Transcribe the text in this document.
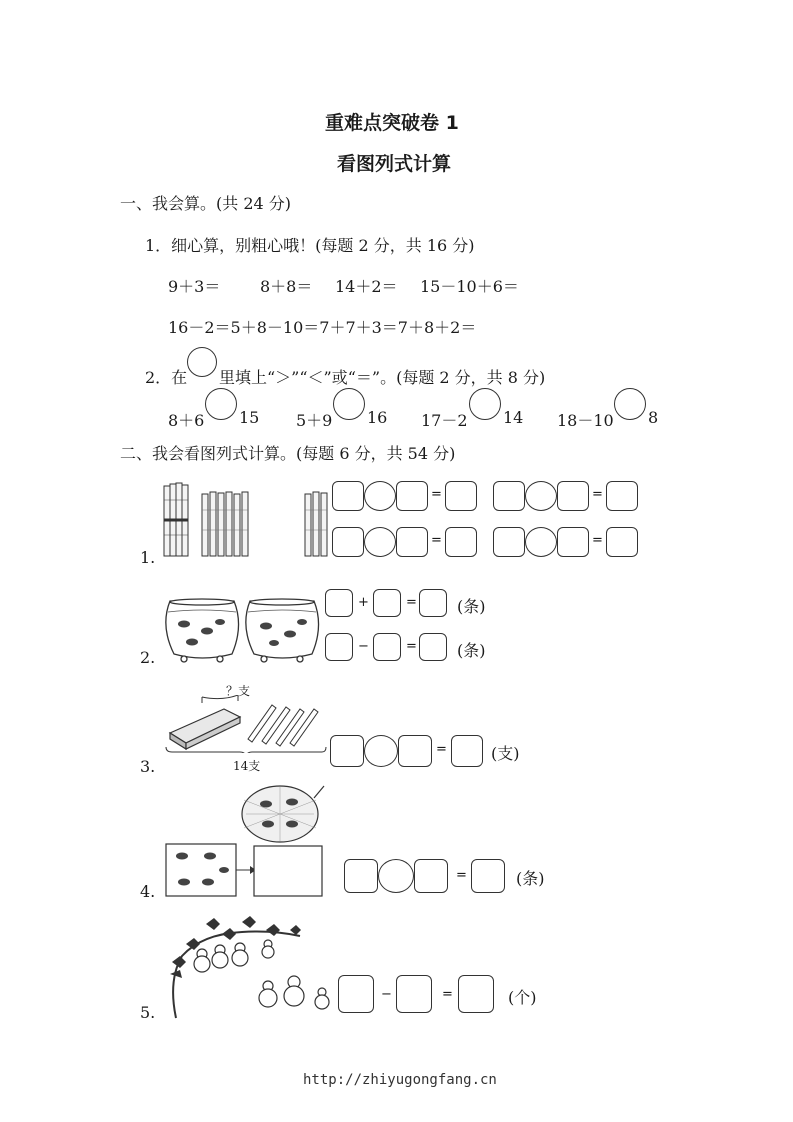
重难点突破卷 1
看图列式计算
一、我会算。(共 24 分)
1．细心算，别粗心哦！(每题 2 分，共 16 分)
9＋3＝ 8＋8＝ 14＋2＝ 15－10＋6＝
16－2＝5＋8－10＝7＋7＋3＝7＋8＋2＝
2．在 里填上“＞”“＜”或“＝”。(每题 2 分，共 8 分)
8＋6 15 5＋9 16 17－2 14 18－10 8
二、我会看图列式计算。(每题 6 分，共 54 分)
1.
=	=
=	=
2.
+	=	(条)
−	=	(条)
3.
？支
14支
=	(支)
4.
=	(条)
5.
−	=	(个)
http://zhiyugongfang.cn
